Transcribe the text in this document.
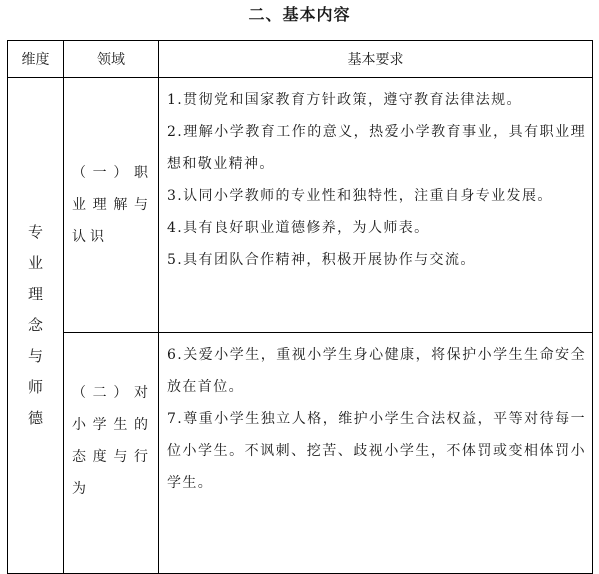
二、基本内容
维度	领域	基本要求
专业理念与师德	（一）职业理解与认识	1.贯彻党和国家教育方针政策，遵守教育法律法规。
2.理解小学教育工作的意义，热爱小学教育事业，具有职业理想和敬业精神。
3.认同小学教师的专业性和独特性，注重自身专业发展。
4.具有良好职业道德修养，为人师表。
5.具有团队合作精神，积极开展协作与交流。

	（二）对小学生的态度与行为	6.关爱小学生，重视小学生身心健康，将保护小学生生命安全放在首位。
7.尊重小学生独立人格，维护小学生合法权益，平等对待每一位小学生。不讽刺、挖苦、歧视小学生，不体罚或变相体罚小学生。
